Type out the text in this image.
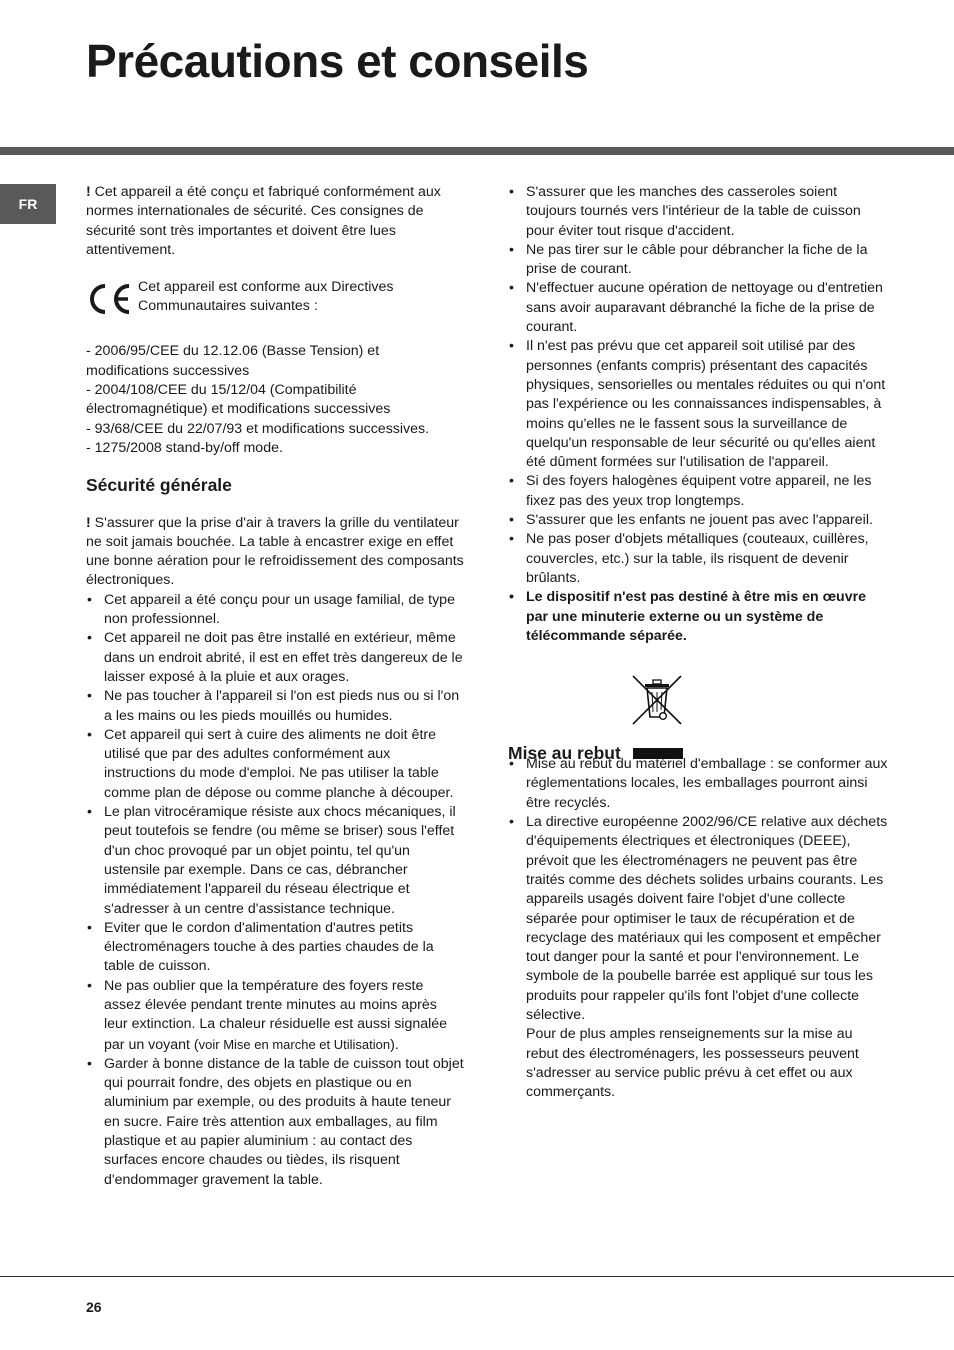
Précautions et conseils
FR

! Cet appareil a été conçu et fabriqué conformément aux normes internationales de sécurité. Ces consignes de sécurité sont très importantes et doivent être lues attentivement.

Cet appareil est conforme aux Directives Communautaires suivantes :

- 2006/95/CEE du 12.12.06 (Basse Tension) et modifications successives

- 2004/108/CEE du 15/12/04 (Compatibilité électromagnétique) et modifications successives

- 93/68/CEE du 22/07/93 et modifications successives.

- 1275/2008 stand-by/off mode.

Sécurité générale

! S'assurer que la prise d'air à travers la grille du ventilateur ne soit jamais bouchée. La table à encastrer exige en effet une bonne aération pour le refroidissement des composants électroniques.

• Cet appareil a été conçu pour un usage familial, de type non professionnel.
• Cet appareil ne doit pas être installé en extérieur, même dans un endroit abrité, il est en effet très dangereux de le laisser exposé à la pluie et aux orages.
• Ne pas toucher à l'appareil si l'on est pieds nus ou si l'on a les mains ou les pieds mouillés ou humides.
• Cet appareil qui sert à cuire des aliments ne doit être utilisé que par des adultes conformément aux instructions du mode d'emploi. Ne pas utiliser la table comme plan de dépose ou comme planche à découper.
• Le plan vitrocéramique résiste aux chocs mécaniques, il peut toutefois se fendre (ou même se briser) sous l'effet d'un choc provoqué par un objet pointu, tel qu'un ustensile par exemple. Dans ce cas, débrancher immédiatement l'appareil du réseau électrique et s'adresser à un centre d'assistance technique.
• Eviter que le cordon d'alimentation d'autres petits électroménagers touche à des parties chaudes de la table de cuisson.
• Ne pas oublier que la température des foyers reste assez élevée pendant trente minutes au moins après leur extinction. La chaleur résiduelle est aussi signalée par un voyant (voir Mise en marche et Utilisation).
• Garder à bonne distance de la table de cuisson tout objet qui pourrait fondre, des objets en plastique ou en aluminium par exemple, ou des produits à haute teneur en sucre. Faire très attention aux emballages, au film plastique et au papier aluminium : au contact des surfaces encore chaudes ou tièdes, ils risquent d'endommager gravement la table.
• S'assurer que les manches des casseroles soient toujours tournés vers l'intérieur de la table de cuisson pour éviter tout risque d'accident.
• Ne pas tirer sur le câble pour débrancher la fiche de la prise de courant.
• N'effectuer aucune opération de nettoyage ou d'entretien sans avoir auparavant débranché la fiche de la prise de courant.
• Il n'est pas prévu que cet appareil soit utilisé par des personnes (enfants compris) présentant des capacités physiques, sensorielles ou mentales réduites ou qui n'ont pas l'expérience ou les connaissances indispensables, à moins qu'elles ne le fassent sous la surveillance de quelqu'un responsable de leur sécurité ou qu'elles aient été dûment formées sur l'utilisation de l'appareil.
• Si des foyers halogènes équipent votre appareil, ne les fixez pas des yeux trop longtemps.
• S'assurer que les enfants ne jouent pas avec l'appareil.
• Ne pas poser d'objets métalliques (couteaux, cuillères, couvercles, etc.) sur la table, ils risquent de devenir brûlants.
• Le dispositif n'est pas destiné à être mis en œuvre par une minuterie externe ou un système de télécommande séparée.
Mise au rebut
• Mise au rebut du matériel d'emballage : se conformer aux réglementations locales, les emballages pourront ainsi être recyclés.
• La directive européenne 2002/96/CE relative aux déchets d'équipements électriques et électroniques (DEEE), prévoit que les électroménagers ne peuvent pas être traités comme des déchets solides urbains courants. Les appareils usagés doivent faire l'objet d'une collecte séparée pour optimiser le taux de récupération et de recyclage des matériaux qui les composent et empêcher tout danger pour la santé et pour l'environnement. Le symbole de la poubelle barrée est appliqué sur tous les produits pour rappeler qu'ils font l'objet d'une collecte sélective.
Pour de plus amples renseignements sur la mise au rebut des électroménagers, les possesseurs peuvent s'adresser au service public prévu à cet effet ou aux commerçants.
26
